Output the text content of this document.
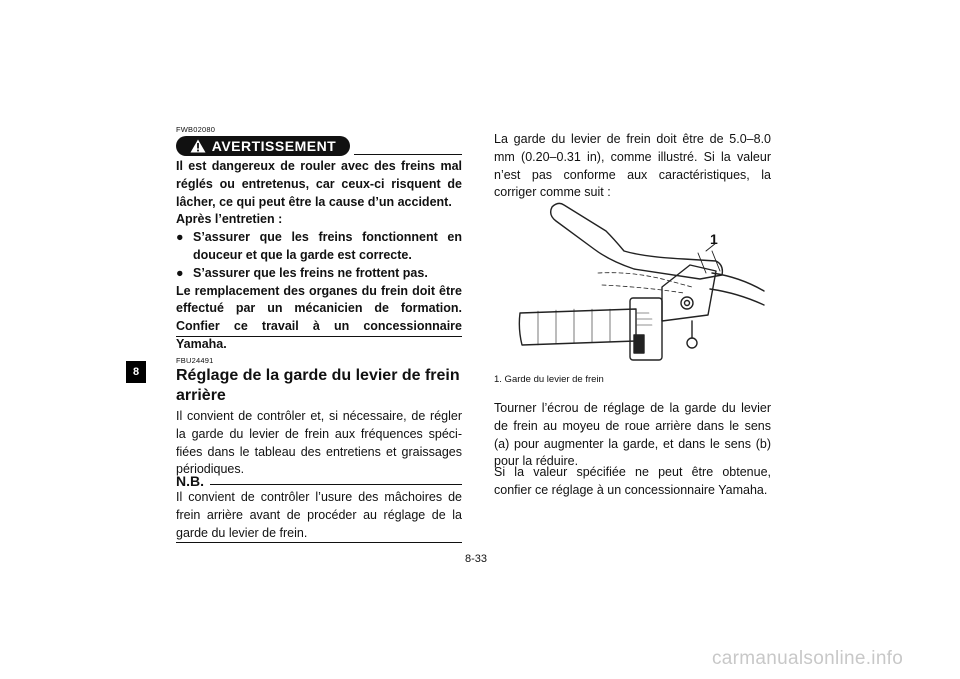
FWB02080
AVERTISSEMENT
Il est dangereux de rouler avec des freins mal réglés ou entretenus, car ceux-ci risquent de lâcher, ce qui peut être la cause d’un accident.
Après l’entretien :
● S’assurer que les freins fonctionnent en douceur et que la garde est correcte.
● S’assurer que les freins ne frottent pas.
Le remplacement des organes du frein doit être effectué par un mécanicien de formation. Confier ce travail à un concessionnaire Yamaha.
8
FBU24491
Réglage de la garde du levier de frein arrière
Il convient de contrôler et, si nécessaire, de régler la garde du levier de frein aux fréquences spéci-fiées dans le tableau des entretiens et graissages périodiques.
N.B.
Il convient de contrôler l’usure des mâchoires de frein arrière avant de procéder au réglage de la garde du levier de frein.
La garde du levier de frein doit être de 5.0–8.0 mm (0.20–0.31 in), comme illustré. Si la valeur n’est pas conforme aux caractéristiques, la corriger comme suit :
1
1. Garde du levier de frein
Tourner l’écrou de réglage de la garde du levier de frein au moyeu de roue arrière dans le sens (a) pour augmenter la garde, et dans le sens (b) pour la réduire.
Si la valeur spécifiée ne peut être obtenue, confier ce réglage à un concessionnaire Yamaha.
8-33
carmanualsonline.info
